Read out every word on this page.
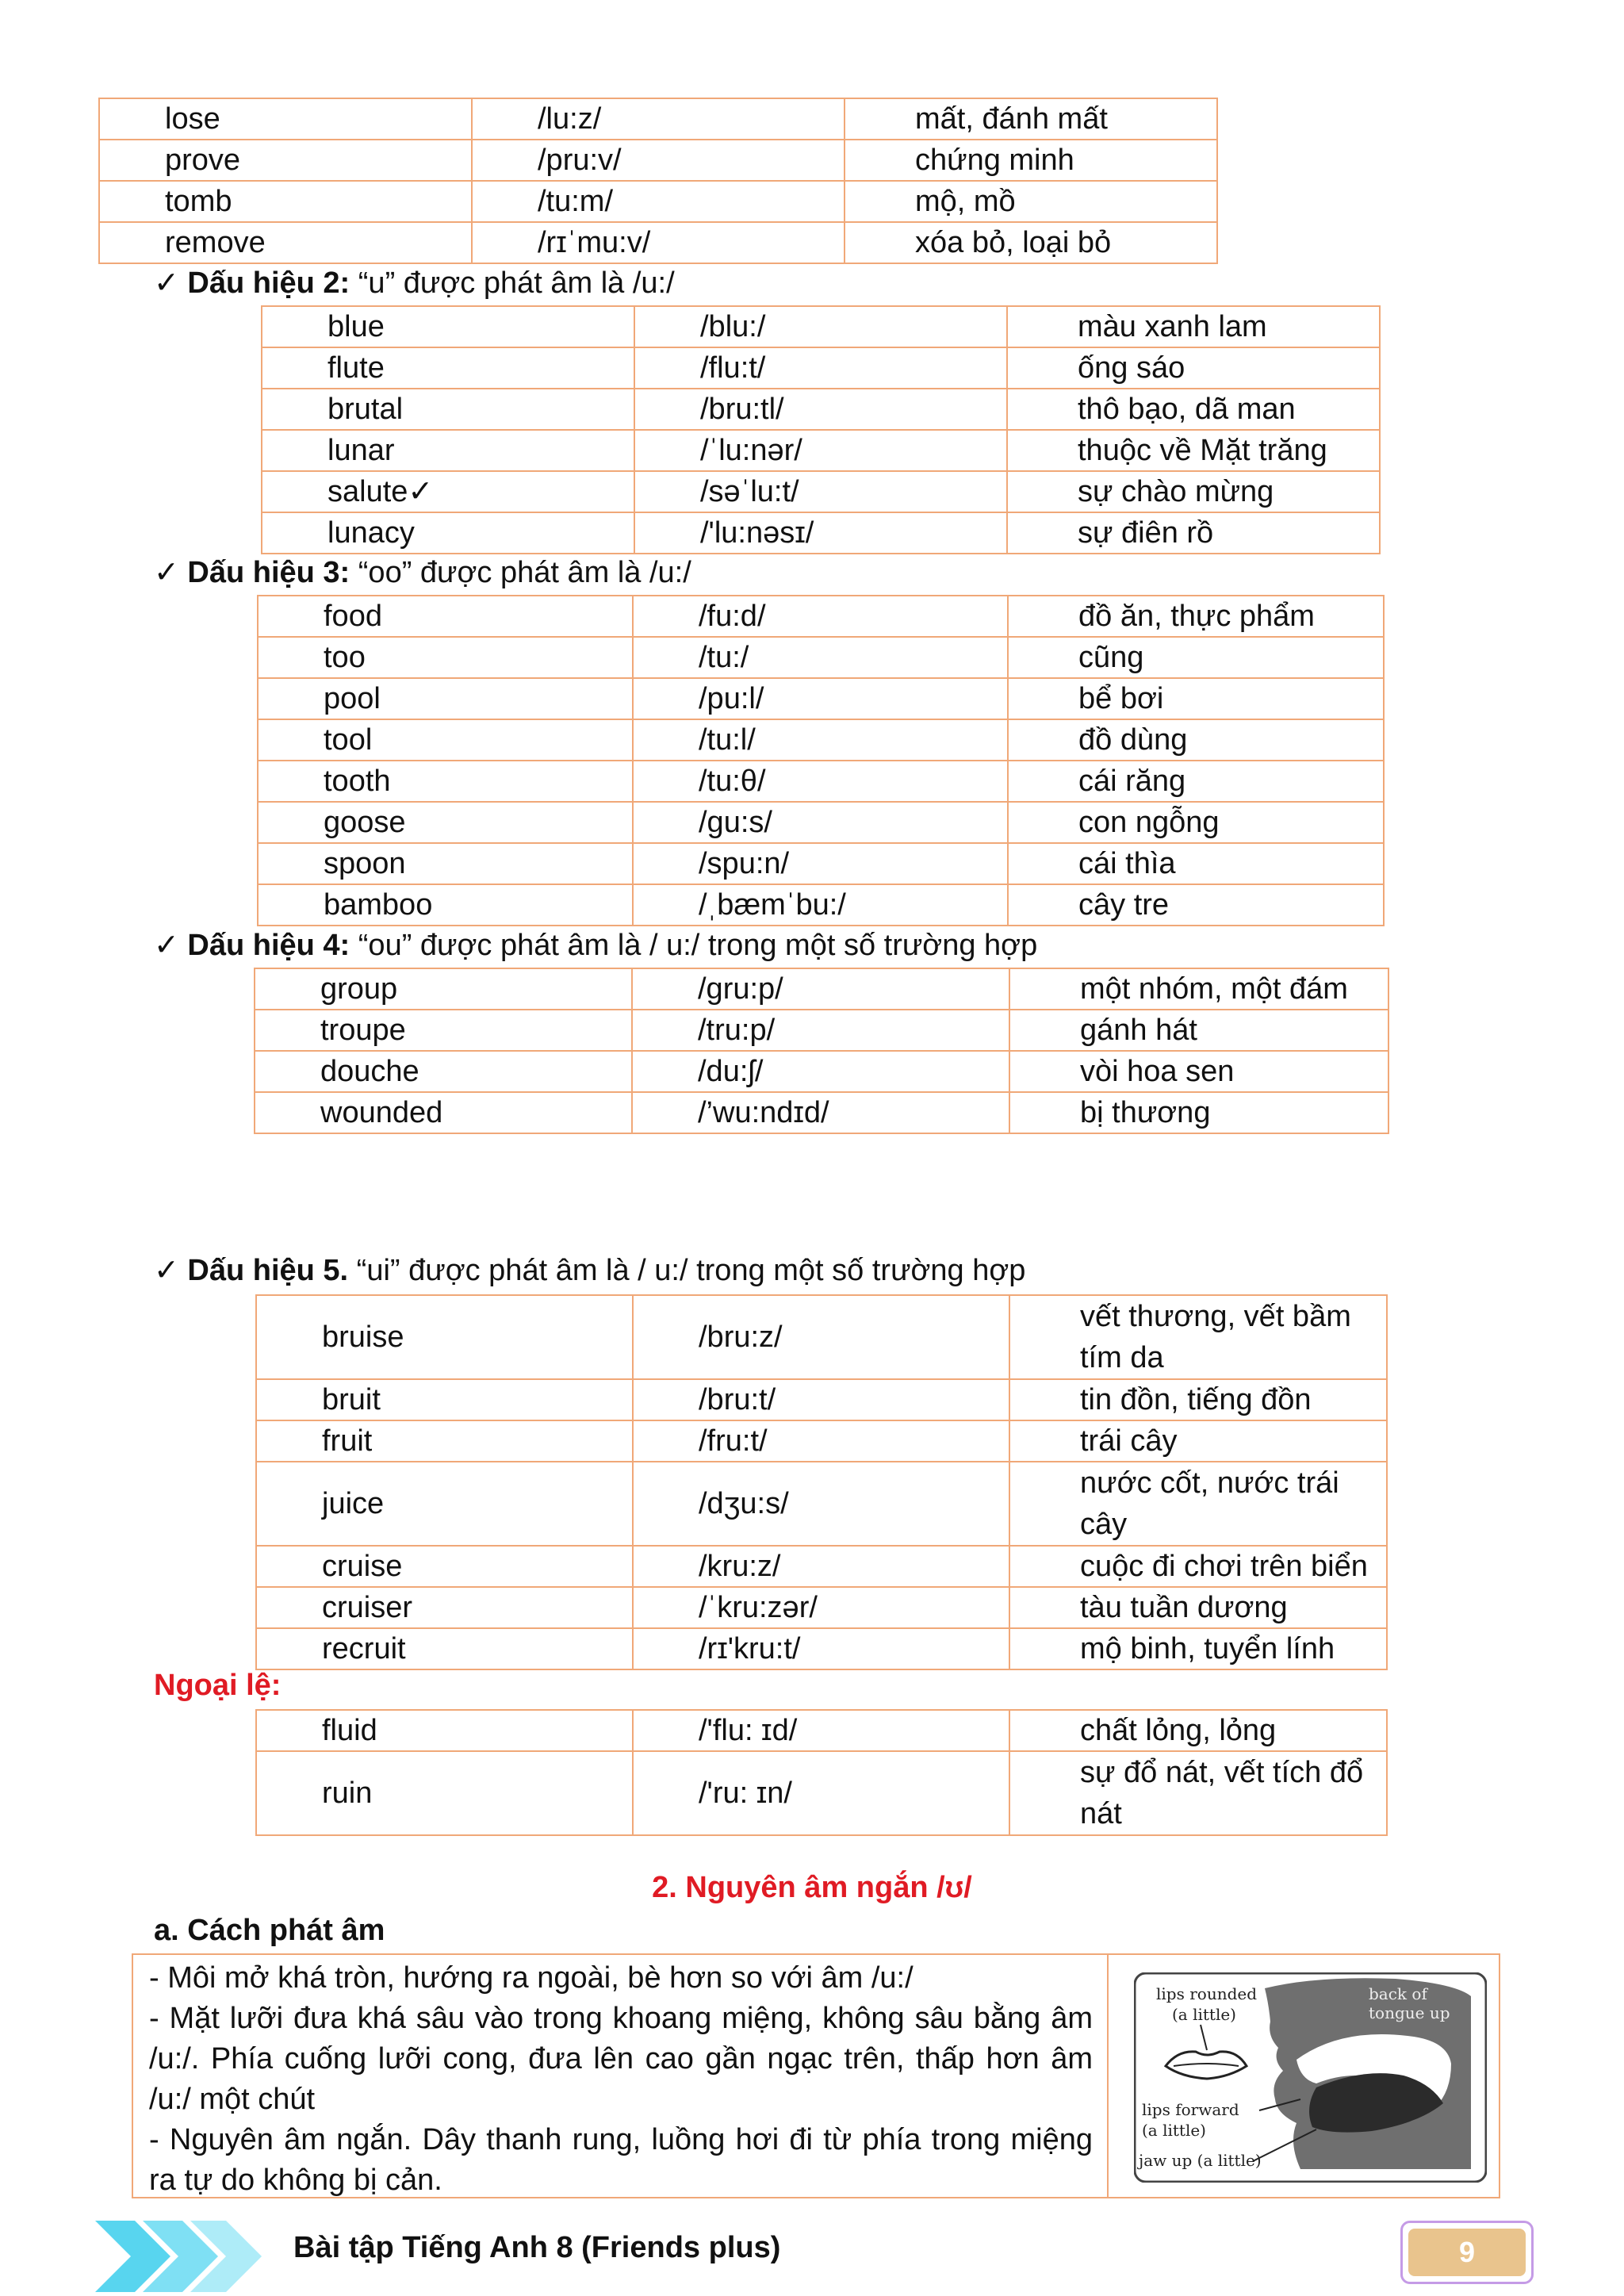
lose	/lu:z/	mất, đánh mất
prove	/pru:v/	chứng minh
tomb	/tu:m/	mộ, mồ
remove	/rɪˈmu:v/	xóa bỏ, loại bỏ
✓ Dấu hiệu 2: “u” được phát âm là /u:/
blue	/blu:/	màu xanh lam
flute	/flu:t/	ống sáo
brutal	/bru:tl/	thô bạo, dã man
lunar	/ˈlu:nər/	thuộc về Mặt trăng
salute✓	/səˈlu:t/	sự chào mừng
lunacy	/'lu:nəsɪ/	sự điên rồ
✓ Dấu hiệu 3: “oo” được phát âm là /u:/
food	/fu:d/	đồ ăn, thực phẩm
too	/tu:/	cũng
pool	/pu:l/	bể bơi
tool	/tu:l/	đồ dùng
tooth	/tu:θ/	cái răng
goose	/gu:s/	con ngỗng
spoon	/spu:n/	cái thìa
bamboo	/ˌbæmˈbu:/	cây tre
✓ Dấu hiệu 4: “ou” được phát âm là / u:/ trong một số trường hợp
group	/gru:p/	một nhóm, một đám
troupe	/tru:p/	gánh hát
douche	/du:ʃ/	vòi hoa sen
wounded	/’wu:ndɪd/	bị thương
✓ Dấu hiệu 5. “ui” được phát âm là / u:/ trong một số trường hợp
bruise	/bru:z/	vết thương, vết bầm tím da
bruit	/bru:t/	tin đồn, tiếng đồn
fruit	/fru:t/	trái cây
juice	/dʒu:s/	nước cốt, nước trái cây
cruise	/kru:z/	cuộc đi chơi trên biển
cruiser	/ˈkru:zər/	tàu tuần dương
recruit	/rɪ'kru:t/	mộ binh, tuyển lính
Ngoại lệ:
fluid	/'flu: ɪd/	chất lỏng, lỏng
ruin	/'ru: ɪn/	sự đổ nát, vết tích đổ nát
2. Nguyên âm ngắn /ʊ/
a. Cách phát âm

- Môi mở khá tròn, hướng ra ngoài, bè hơn so với âm /u:/

- Mặt lưỡi đưa khá sâu vào trong khoang miệng, không sâu bằng âm /u:/. Phía cuống lưỡi cong, đưa lên cao gần ngạc trên, thấp hơn âm /u:/ một chút

- Nguyên âm ngắn. Dây thanh rung, luồng hơi đi từ phía trong miệng ra tự do không bị cản.

lips rounded
(a little)
back of
tongue up
lips forward
(a little)
jaw up (a little)
Bài tập Tiếng Anh 8 (Friends plus)	9
